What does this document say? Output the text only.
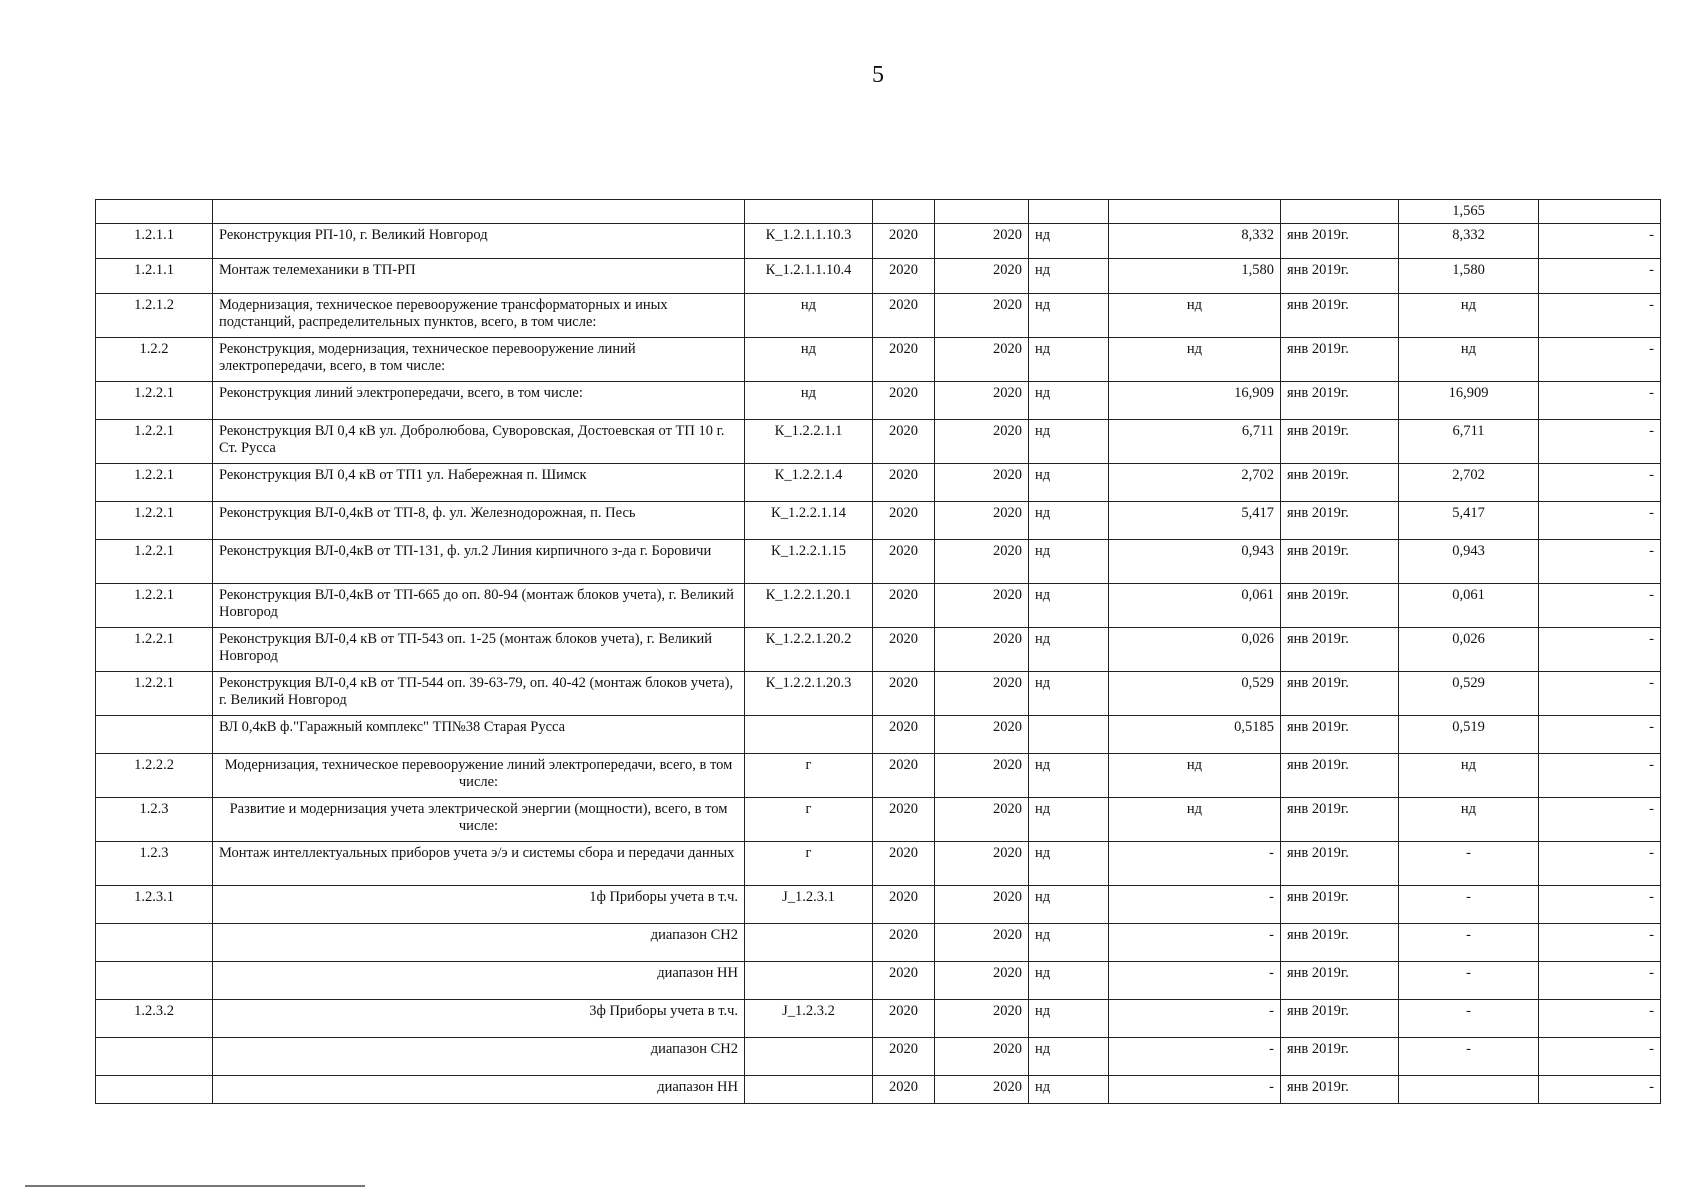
5
								1,565	
1.2.1.1	Реконструкция РП-10, г. Великий Новгород	К_1.2.1.1.10.3	2020	2020	нд	8,332	янв 2019г.	8,332	-
1.2.1.1	Монтаж телемеханики в ТП-РП	К_1.2.1.1.10.4	2020	2020	нд	1,580	янв 2019г.	1,580	-
1.2.1.2	Модернизация, техническое перевооружение трансформаторных и иных подстанций, распределительных пунктов, всего, в том числе:	нд	2020	2020	нд	нд	янв 2019г.	нд	-
1.2.2	Реконструкция, модернизация, техническое перевооружение линий электропередачи, всего, в том числе:	нд	2020	2020	нд	нд	янв 2019г.	нд	-
1.2.2.1	Реконструкция линий электропередачи, всего, в том числе:	нд	2020	2020	нд	16,909	янв 2019г.	16,909	-
1.2.2.1	Реконструкция ВЛ 0,4 кВ ул. Добролюбова, Суворовская, Достоевская от ТП 10 г. Ст. Русса	К_1.2.2.1.1	2020	2020	нд	6,711	янв 2019г.	6,711	-
1.2.2.1	Реконструкция ВЛ 0,4 кВ от ТП1 ул. Набережная п. Шимск	К_1.2.2.1.4	2020	2020	нд	2,702	янв 2019г.	2,702	-
1.2.2.1	Реконструкция ВЛ-0,4кВ от ТП-8, ф. ул. Железнодорожная, п. Песь	К_1.2.2.1.14	2020	2020	нд	5,417	янв 2019г.	5,417	-
1.2.2.1	Реконструкция ВЛ-0,4кВ от ТП-131, ф. ул.2 Линия кирпичного з-да г. Боровичи	К_1.2.2.1.15	2020	2020	нд	0,943	янв 2019г.	0,943	-
1.2.2.1	Реконструкция ВЛ-0,4кВ от ТП-665 до оп. 80-94 (монтаж блоков учета), г. Великий Новгород	К_1.2.2.1.20.1	2020	2020	нд	0,061	янв 2019г.	0,061	-
1.2.2.1	Реконструкция ВЛ-0,4 кВ от ТП-543 оп. 1-25 (монтаж блоков учета), г. Великий Новгород	К_1.2.2.1.20.2	2020	2020	нд	0,026	янв 2019г.	0,026	-
1.2.2.1	Реконструкция ВЛ-0,4 кВ от ТП-544 оп. 39-63-79, оп. 40-42 (монтаж блоков учета), г. Великий Новгород	К_1.2.2.1.20.3	2020	2020	нд	0,529	янв 2019г.	0,529	-
	ВЛ 0,4кВ ф."Гаражный комплекс" ТП№38 Старая Русса		2020	2020		0,5185	янв 2019г.	0,519	-
1.2.2.2	Модернизация, техническое перевооружение линий электропередачи, всего, в том числе:	г	2020	2020	нд	нд	янв 2019г.	нд	-
1.2.3	Развитие и модернизация учета электрической энергии (мощности), всего, в том числе:	г	2020	2020	нд	нд	янв 2019г.	нд	-
1.2.3	Монтаж интеллектуальных приборов учета э/э и системы сбора и передачи данных	г	2020	2020	нд	-	янв 2019г.	-	-
1.2.3.1	1ф Приборы учета в т.ч.	J_1.2.3.1	2020	2020	нд	-	янв 2019г.	-	-
	диапазон СН2		2020	2020	нд	-	янв 2019г.	-	-
	диапазон НН		2020	2020	нд	-	янв 2019г.	-	-
1.2.3.2	3ф Приборы учета в т.ч.	J_1.2.3.2	2020	2020	нд	-	янв 2019г.	-	-
	диапазон СН2		2020	2020	нд	-	янв 2019г.	-	-
	диапазон НН		2020	2020	нд	-	янв 2019г.		-
